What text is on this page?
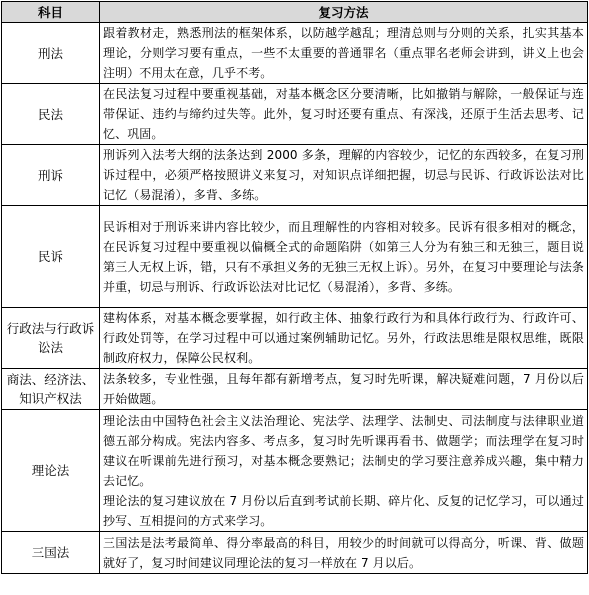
科目	复习方法
刑法	跟着教材走，熟悉刑法的框架体系，以防越学越乱；理清总则与分则的关系，扎实其基本理论，分则学习要有重点，一些不太重要的普通罪名（重点罪名老师会讲到，讲义上也会注明）不用太在意，几乎不考。

民法	在民法复习过程中要重视基础，对基本概念区分要清晰，比如撤销与解除，一般保证与连带保证、违约与缔约过失等。此外，复习时还要有重点、有深浅，还原于生活去思考、记忆、巩固。

刑诉	刑诉列入法考大纲的法条达到 2000 多条，理解的内容较少，记忆的东西较多，在复习刑诉过程中，必须严格按照讲义来复习，对知识点详细把握，切忌与民诉、行政诉讼法对比记忆（易混淆），多背、多练。

民诉	民诉相对于刑诉来讲内容比较少，而且理解性的内容相对较多。民诉有很多相对的概念，在民诉复习过程中要重视以偏概全式的命题陷阱（如第三人分为有独三和无独三，题目说第三人无权上诉，错，只有不承担义务的无独三无权上诉）。另外，在复习中要理论与法条并重，切忌与刑诉、行政诉讼法对比记忆（易混淆），多背、多练。

行政法与行政诉讼法	建构体系，对基本概念要掌握，如行政主体、抽象行政行为和具体行政行为、行政许可、行政处罚等，在学习过程中可以通过案例辅助记忆。另外，行政法思维是限权思维，既限制政府权力，保障公民权利。

商法、经济法、知识产权法	法条较多，专业性强，且每年都有新增考点，复习时先听课，解决疑难问题，7 月份以后开始做题。

理论法	理论法由中国特色社会主义法治理论、宪法学、法理学、法制史、司法制度与法律职业道德五部分构成。宪法内容多、考点多，复习时先听课再看书、做题学；而法理学在复习时建议在听课前先进行预习，对基本概念要熟记；法制史的学习要注意养成兴趣，集中精力去记忆。
理论法的复习建议放在 7 月份以后直到考试前长期、碎片化、反复的记忆学习，可以通过抄写、互相提问的方式来学习。

三国法	三国法是法考最简单、得分率最高的科目，用较少的时间就可以得高分，听课、背、做题就好了，复习时间建议同理论法的复习一样放在 7 月以后。
